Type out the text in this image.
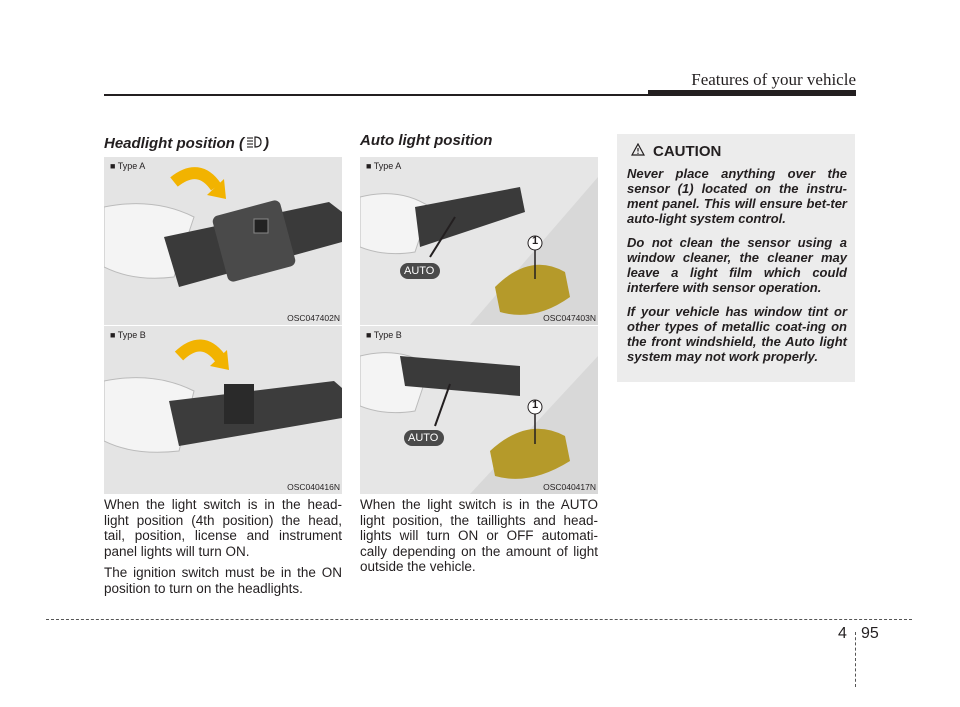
Features of your vehicle
Headlight position ( )
■ Type A
OSC047402N
■ Type B
OSC040416N

When the light switch is in the head-light position (4th position) the head, tail, position, license and instrument panel lights will turn ON.

The ignition switch must be in the ON position to turn on the headlights.

Auto light position
■ Type A
1
AUTO
OSC047403N
■ Type B
1
AUTO
OSC040417N

When the light switch is in the AUTO light position, the taillights and head-lights will turn ON or OFF automati-cally depending on the amount of light outside the vehicle.

CAUTION

Never place anything over the sensor (1) located on the instru-ment panel. This will ensure bet-ter auto-light system control.

Do not clean the sensor using a window cleaner, the cleaner may leave a light film which could interfere with sensor operation.

If your vehicle has window tint or other types of metallic coat-ing on the front windshield, the Auto light system may not work properly.

4 95
